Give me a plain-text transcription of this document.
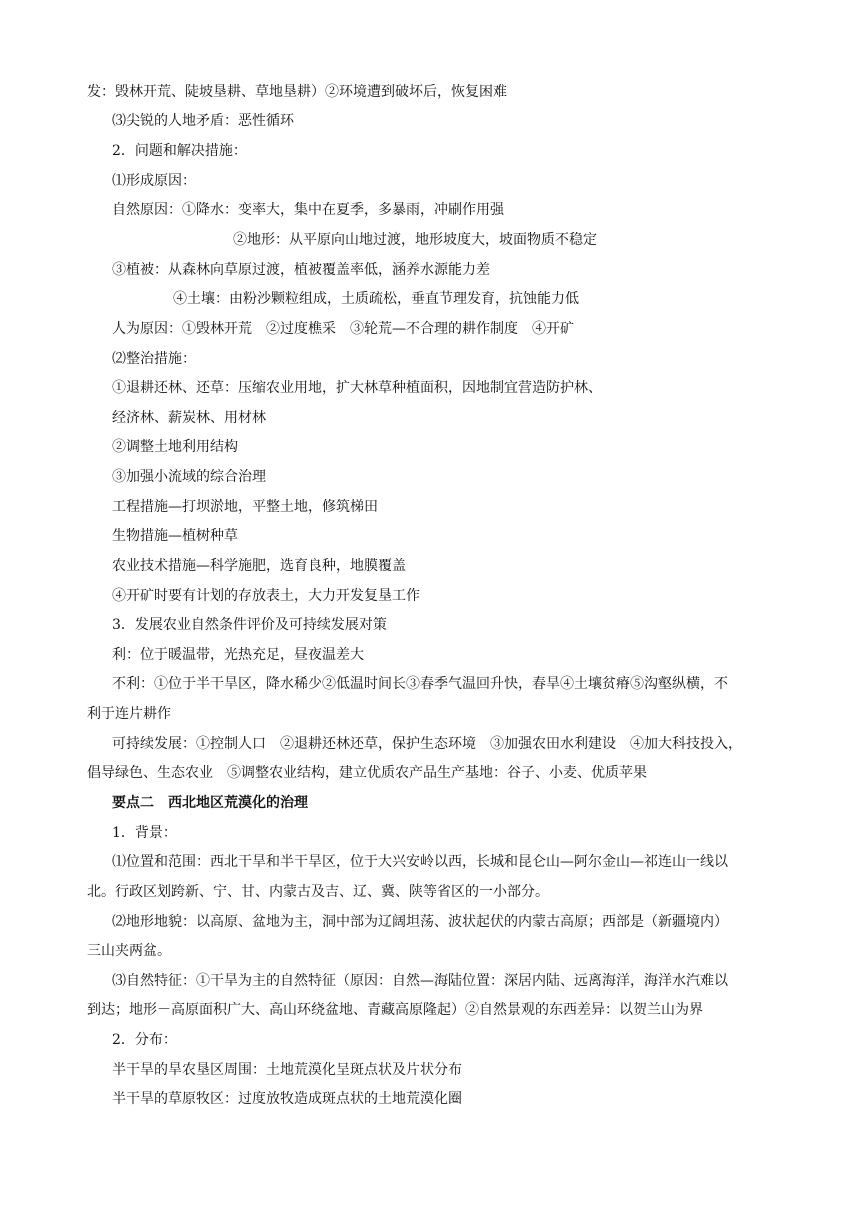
发：毁林开荒、陡坡垦耕、草地垦耕）②环境遭到破坏后，恢复困难
⑶尖锐的人地矛盾：恶性循环
2．问题和解决措施：
⑴形成原因：
自然原因：①降水：变率大，集中在夏季，多暴雨，冲刷作用强
②地形：从平原向山地过渡，地形坡度大，坡面物质不稳定
③植被：从森林向草原过渡，植被覆盖率低，涵养水源能力差
④土壤：由粉沙颗粒组成，土质疏松，垂直节理发育，抗蚀能力低
人为原因：①毁林开荒　②过度樵采　③轮荒—不合理的耕作制度　④开矿
⑵整治措施：
①退耕还林、还草：压缩农业用地，扩大林草种植面积，因地制宜营造防护林、
经济林、薪炭林、用材林
②调整土地利用结构
③加强小流域的综合治理
工程措施—打坝淤地，平整土地，修筑梯田
生物措施—植树种草
农业技术措施—科学施肥，选育良种，地膜覆盖
④开矿时要有计划的存放表土，大力开发复垦工作
3．发展农业自然条件评价及可持续发展对策
利：位于暖温带，光热充足，昼夜温差大
不利：①位于半干旱区，降水稀少②低温时间长③春季气温回升快，春旱④土壤贫瘠⑤沟壑纵横，不
利于连片耕作
可持续发展：①控制人口　②退耕还林还草，保护生态环境　③加强农田水利建设　④加大科技投入，
倡导绿色、生态农业　⑤调整农业结构，建立优质农产品生产基地：谷子、小麦、优质苹果
要点二　西北地区荒漠化的治理
1．背景：
⑴位置和范围：西北干旱和半干旱区，位于大兴安岭以西，长城和昆仑山—阿尔金山—祁连山一线以
北。行政区划跨新、宁、甘、内蒙古及吉、辽、冀、陕等省区的一小部分。
⑵地形地貌：以高原、盆地为主，洞中部为辽阔坦荡、波状起伏的内蒙古高原；西部是（新疆境内）
三山夹两盆。
⑶自然特征：①干旱为主的自然特征（原因：自然—海陆位置：深居内陆、远离海洋，海洋水汽难以
到达；地形－高原面积广大、高山环绕盆地、青藏高原隆起）②自然景观的东西差异：以贺兰山为界
2．分布：
半干旱的旱农垦区周围：土地荒漠化呈斑点状及片状分布
半干旱的草原牧区：过度放牧造成斑点状的土地荒漠化圈
